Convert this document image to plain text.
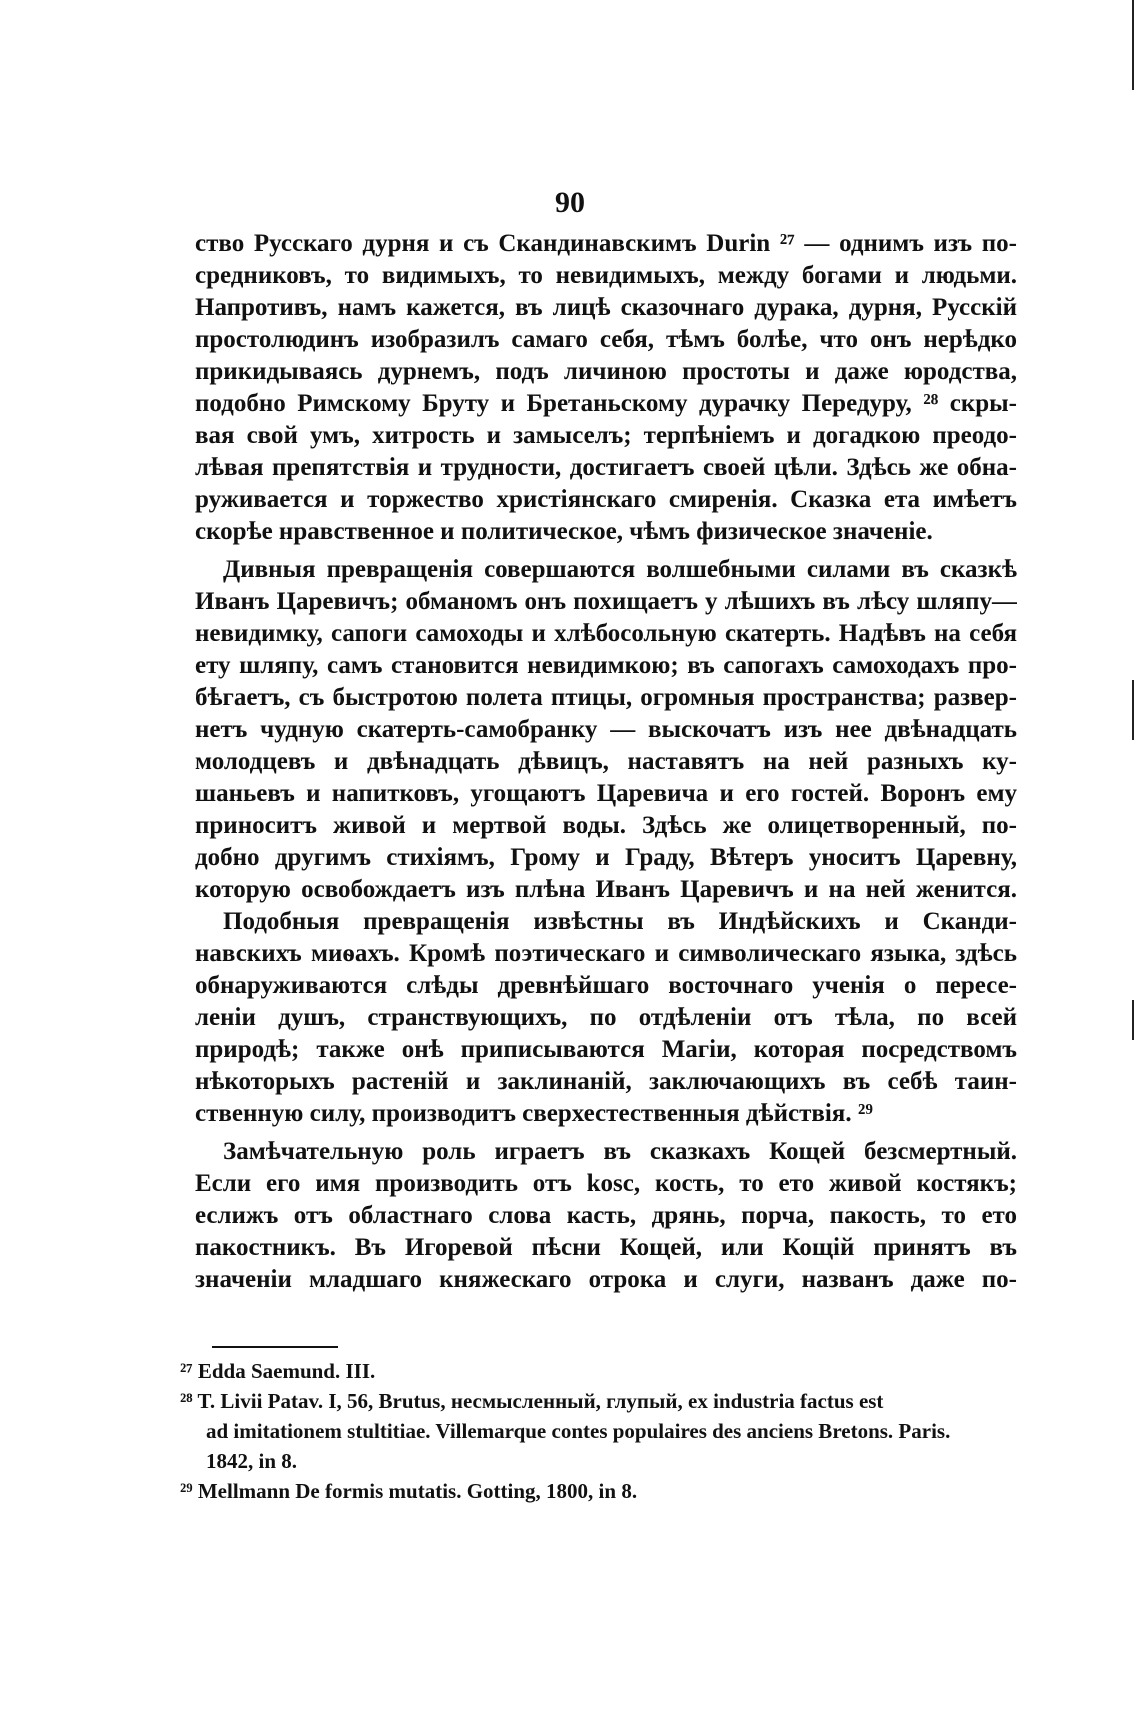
90
ство Русскаго дурня и съ Скандинавскимъ Durin ²⁷ — однимъ изъ по-
средниковъ, то видимыхъ, то невидимыхъ, между богами и людьми.
Напротивъ, намъ кажется, въ лицѣ сказочнаго дурака, дурня, Русскій
простолюдинъ изобразилъ самаго себя, тѣмъ болѣе, что онъ нерѣдко
прикидываясь дурнемъ, подъ личиною простоты и даже юродства,
подобно Римскому Бруту и Бретаньскому дурачку Передуру, ²⁸ скры-
вая свой умъ, хитрость и замыселъ; терпѣніемъ и догадкою преодо-
лѣвая препятствія и трудности, достигаетъ своей цѣли. Здѣсь же обна-
руживается и торжество христіянскаго смиренія. Сказка ета имѣетъ
скорѣе нравственное и политическое, чѣмъ физическое значеніе.
Дивныя превращенія совершаются волшебными силами въ сказкѣ
Иванъ Царевичъ; обманомъ онъ похищаетъ у лѣшихъ въ лѣсу шляпу—
невидимку, сапоги самоходы и хлѣбосольную скатерть. Надѣвъ на себя
ету шляпу, самъ становится невидимкою; въ сапогахъ самоходахъ про-
бѣгаетъ, съ быстротою полета птицы, огромныя пространства; развер-
нетъ чудную скатерть-самобранку — выскочатъ изъ нее двѣнадцать
молодцевъ и двѣнадцать дѣвицъ, наставятъ на ней разныхъ ку-
шаньевъ и напитковъ, угощаютъ Царевича и его гостей. Воронъ ему
приноситъ живой и мертвой воды. Здѣсь же олицетворенный, по-
добно другимъ стихіямъ, Грому и Граду, Вѣтеръ уноситъ Царевну,
которую освобождаетъ изъ плѣна Иванъ Царевичъ и на ней женится.
Подобныя превращенія извѣстны въ Индѣйскихъ и Сканди-
навскихъ миѳахъ. Кромѣ поэтическаго и символическаго языка, здѣсь
обнаруживаются слѣды древнѣйшаго восточнаго ученія о пересе-
леніи душъ, странствующихъ, по отдѣленіи отъ тѣла, по всей
природѣ; также онѣ приписываются Магіи, которая посредствомъ
нѣкоторыхъ растеній и заклинаній, заключающихъ въ себѣ таин-
ственную силу, производитъ сверхестественныя дѣйствія. ²⁹
Замѣчательную роль играетъ въ сказкахъ Кощей безсмертный.
Если его имя производить отъ kosc, кость, то ето живой костякъ;
еслижъ отъ областнаго слова касть, дрянь, порча, пакость, то ето
пакостникъ. Въ Игоревой пѣсни Кощей, или Кощій принятъ въ
значеніи младшаго княжескаго отрока и слуги, названъ даже по-
²⁷ Edda Saemund. III.
²⁸ T. Livii Patav. I, 56, Brutus, несмысленный, глупый, ex industria factus est
ad imitationem stultitiae. Villemarque contes populaires des anciens Bretons. Paris.
1842, in 8.
²⁹ Mellmann De formis mutatis. Gotting, 1800, in 8.
